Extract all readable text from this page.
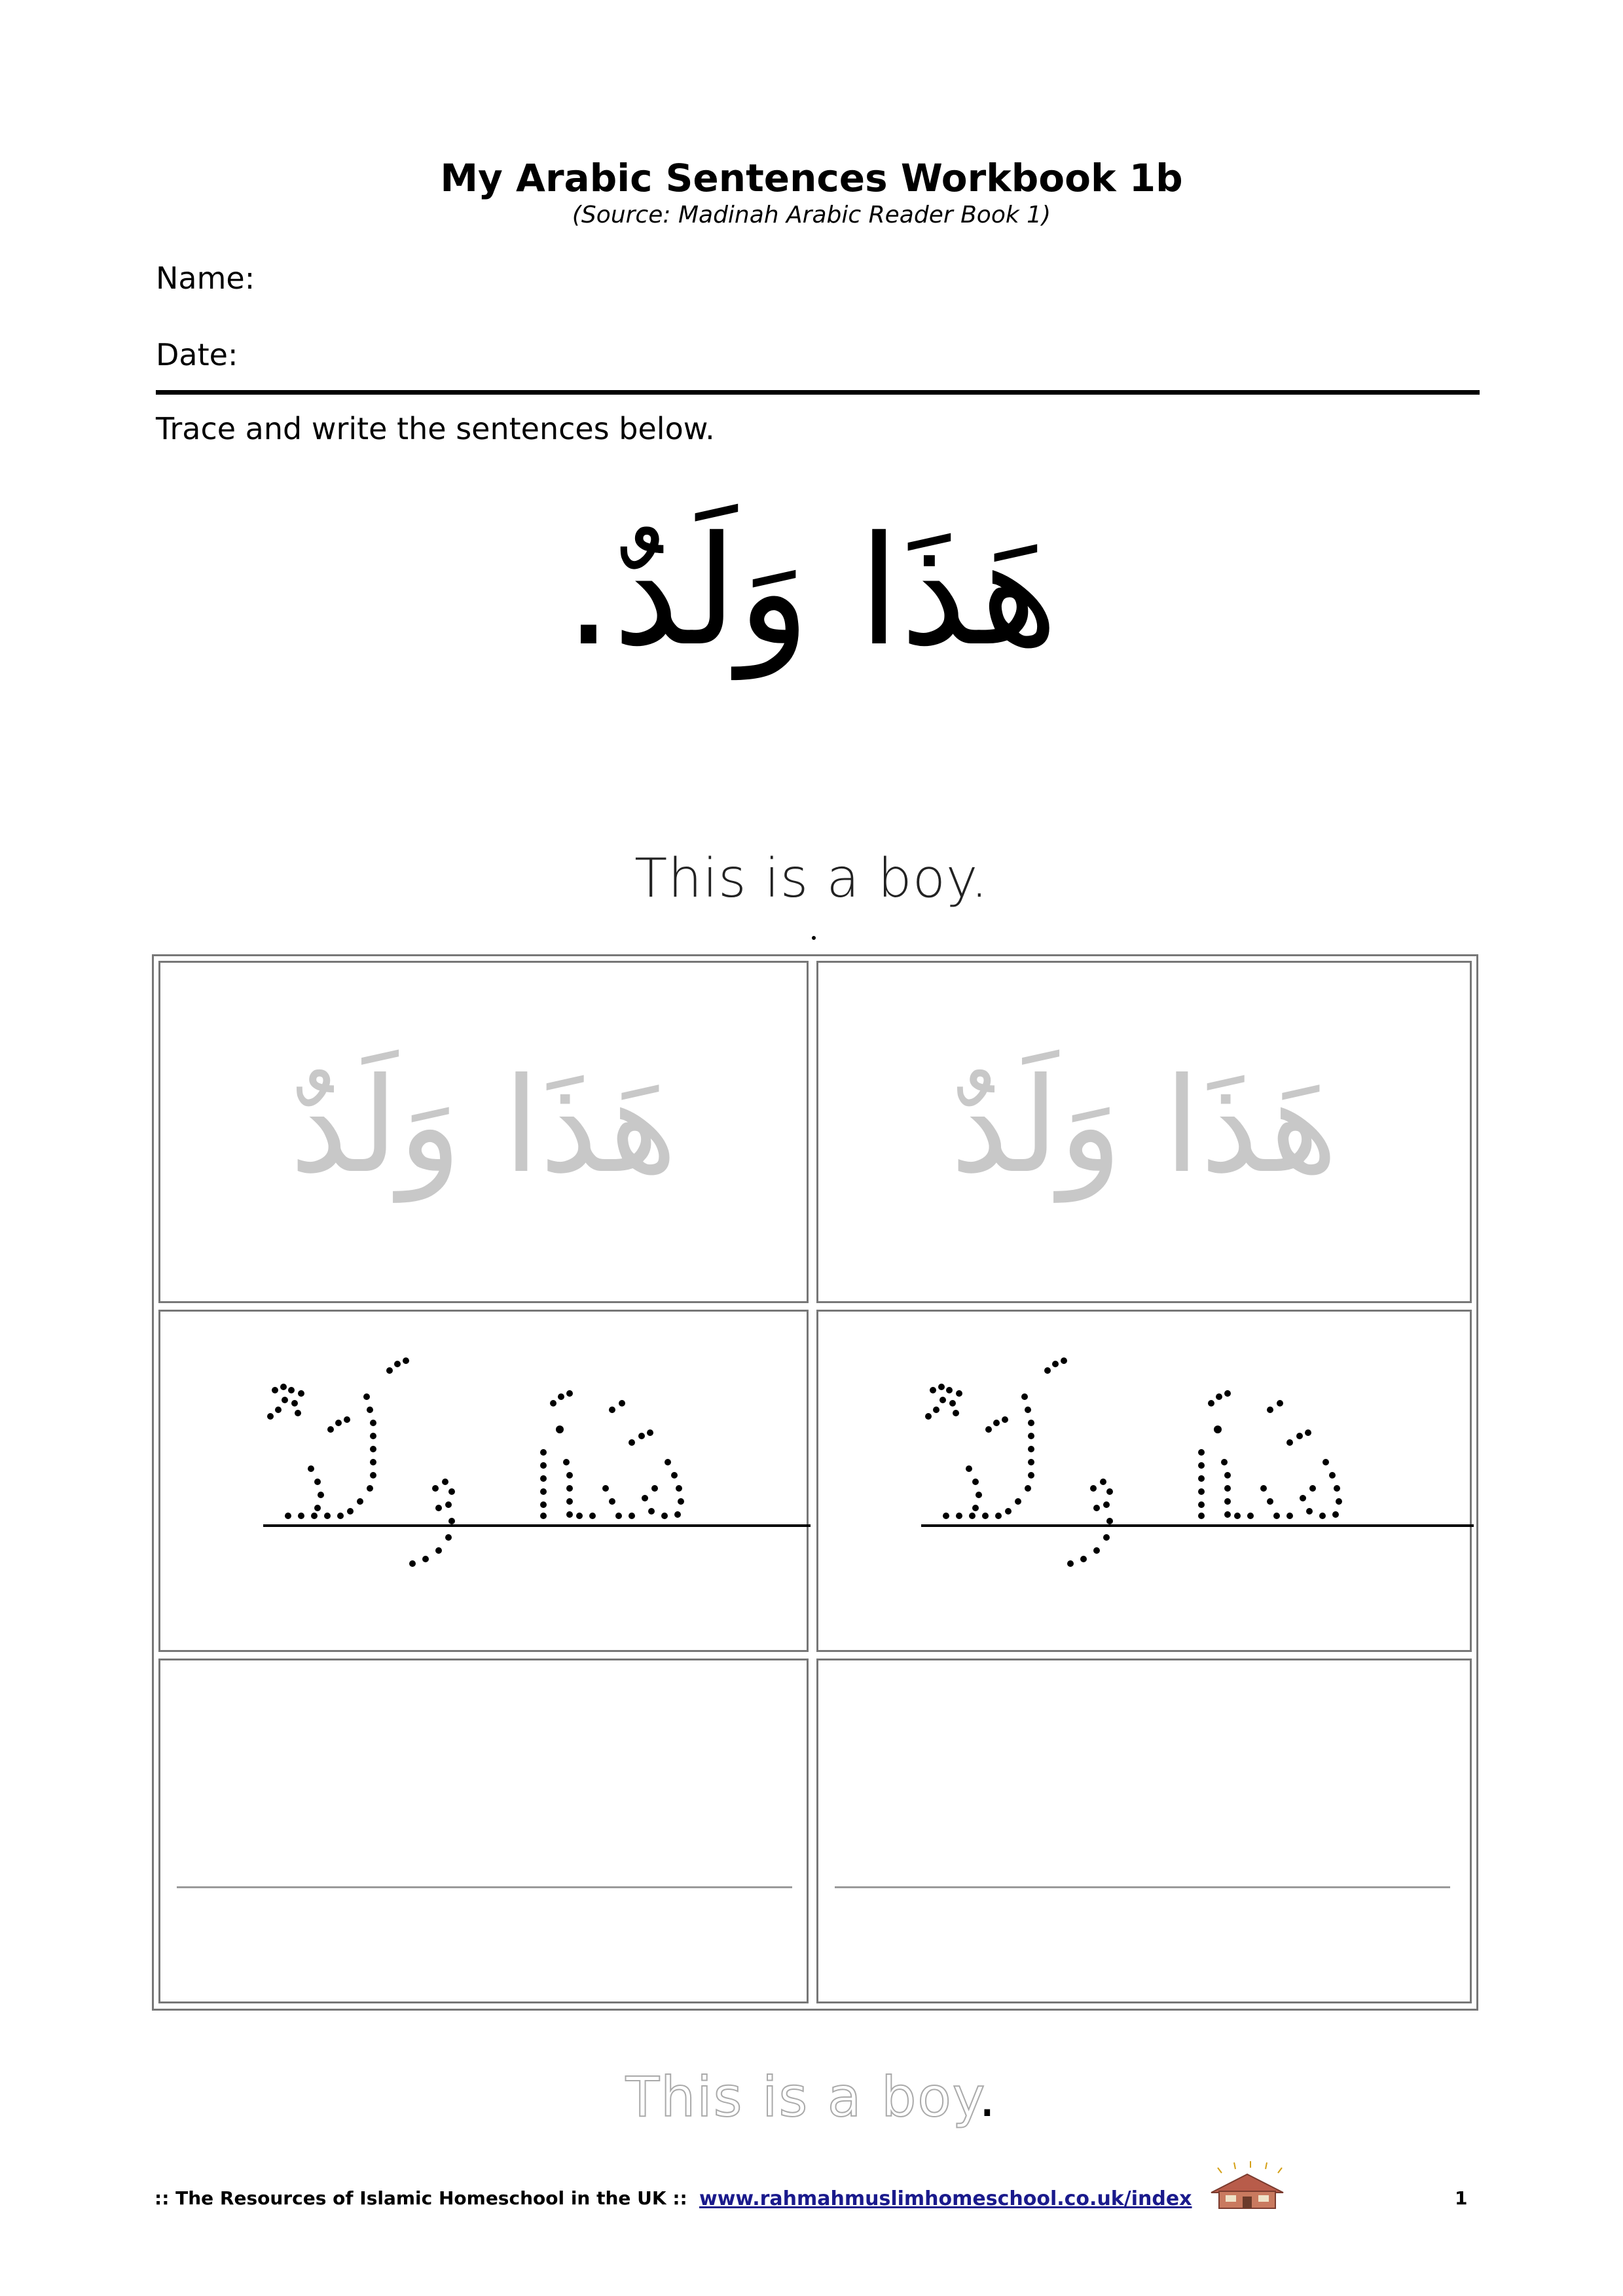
My Arabic Sentences Workbook 1b
(Source: Madinah Arabic Reader Book 1)
Name:
Date:
Trace and write the sentences below.
هَذَا وَلَدٌ.
This is a boy.
هَذَا وَلَدٌ	هَذَا وَلَدٌ
This is a boy.
:: The Resources of Islamic Homeschool in the UK :: www.rahmahmuslimhomeschool.co.uk/index	1
